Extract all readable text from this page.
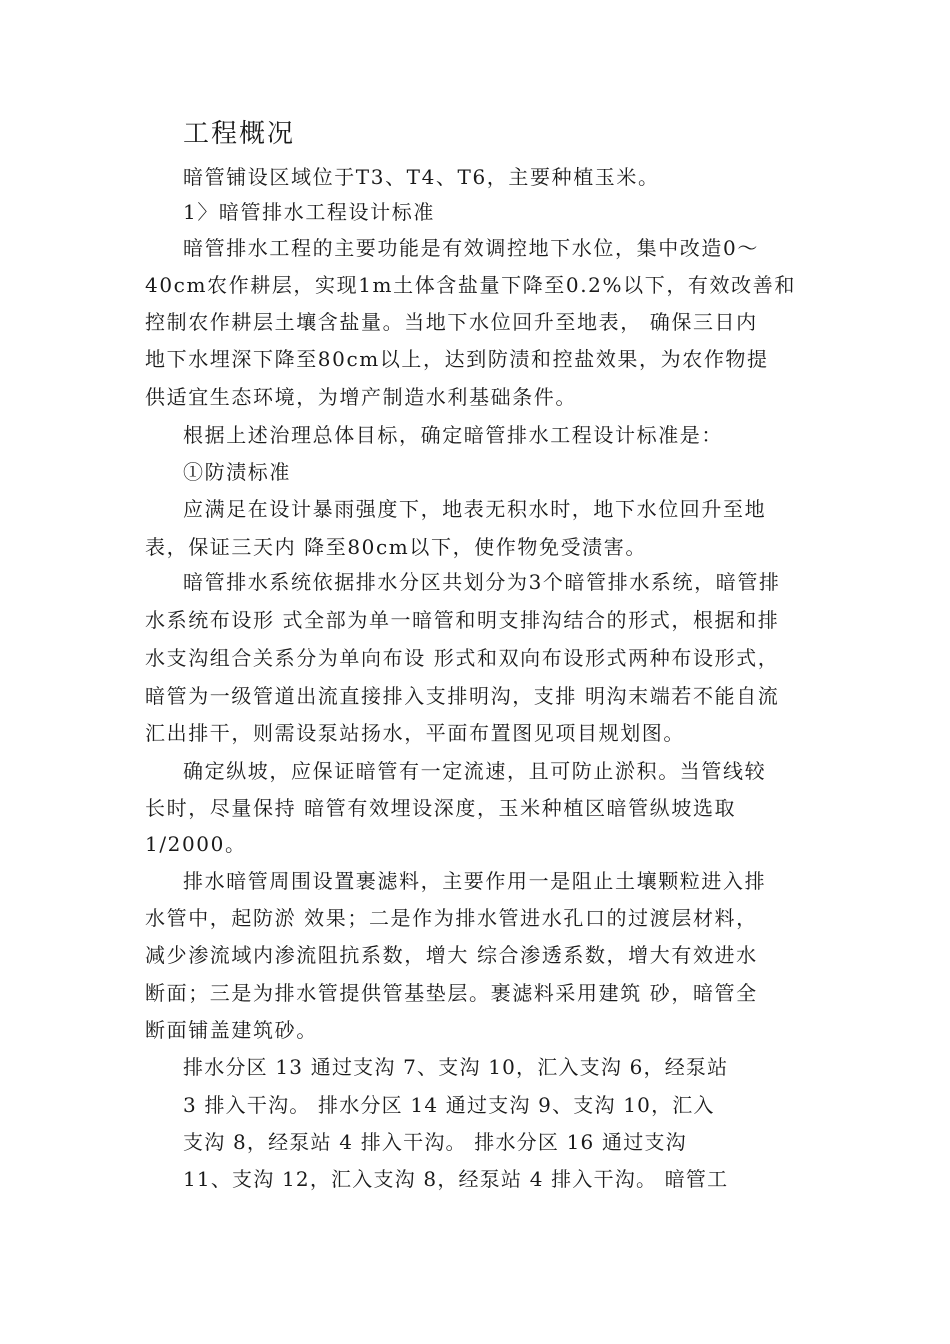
工程概况

暗管铺设区域位于T3、T4、T6，主要种植玉米。

1〉暗管排水工程设计标准

暗管排水工程的主要功能是有效调控地下水位，集中改造0〜

40cm农作耕层，实现1m土体含盐量下降至0.2%以下，有效改善和

控制农作耕层土壤含盐量。当地下水位回升至地表， 确保三日内

地下水埋深下降至80cm以上，达到防渍和控盐效果，为农作物提

供适宜生态环境，为增产制造水利基础条件。

根据上述治理总体目标，确定暗管排水工程设计标准是：

①防渍标准

应满足在设计暴雨强度下，地表无积水时，地下水位回升至地

表，保证三天内 降至80cm以下，使作物免受渍害。

暗管排水系统依据排水分区共划分为3个暗管排水系统，暗管排

水系统布设形 式全部为单一暗管和明支排沟结合的形式，根据和排

水支沟组合关系分为单向布设 形式和双向布设形式两种布设形式，

暗管为一级管道出流直接排入支排明沟，支排 明沟末端若不能自流

汇出排干，则需设泵站扬水，平面布置图见项目规划图。

确定纵坡，应保证暗管有一定流速，且可防止淤积。当管线较

长时，尽量保持 暗管有效埋设深度，玉米种植区暗管纵坡选取

1/2000。

排水暗管周围设置裹滤料，主要作用一是阻止土壤颗粒进入排

水管中，起防淤 效果；二是作为排水管进水孔口的过渡层材料，

减少渗流域内渗流阻抗系数，增大 综合渗透系数，增大有效进水

断面；三是为排水管提供管基垫层。裹滤料采用建筑 砂，暗管全

断面铺盖建筑砂。

排水分区 13 通过支沟 7、支沟 10，汇入支沟 6，经泵站

3 排入干沟。 排水分区 14 通过支沟 9、支沟 10，汇入

支沟 8，经泵站 4 排入干沟。 排水分区 16 通过支沟

11、支沟 12，汇入支沟 8，经泵站 4 排入干沟。 暗管工
